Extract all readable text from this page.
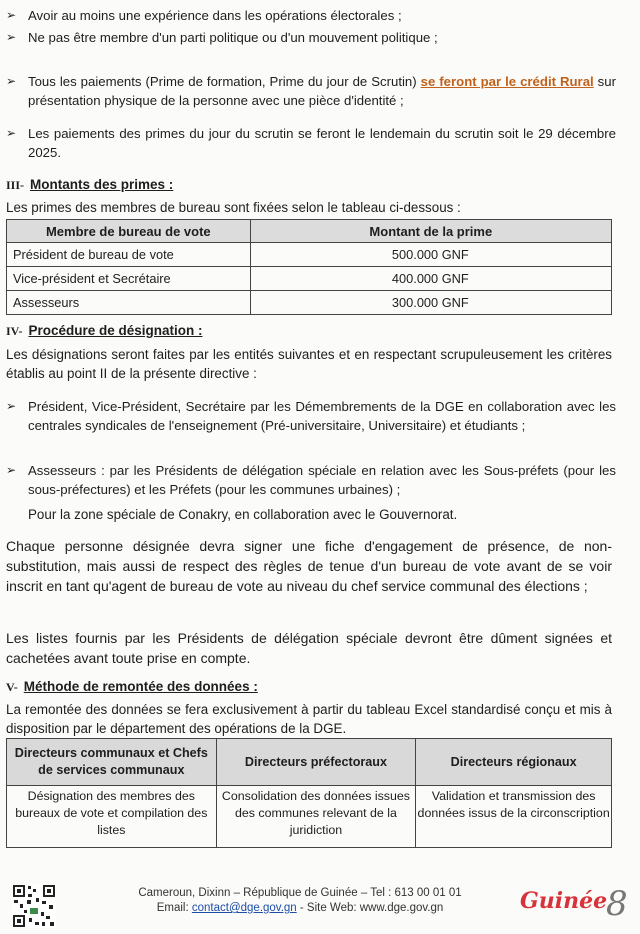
➢ Avoir au moins une expérience dans les opérations électorales ;
➢ Ne pas être membre d'un parti politique ou d'un mouvement politique ;
➢ Tous les paiements (Prime de formation, Prime du jour de Scrutin) se feront par le crédit Rural sur présentation physique de la personne avec une pièce d'identité ;
➢ Les paiements des primes du jour du scrutin se feront le lendemain du scrutin soit le 29 décembre 2025.
III- Montants des primes :
Les primes des membres de bureau sont fixées selon le tableau ci-dessous :
Membre de bureau de vote	Montant de la prime
Président de bureau de vote	500.000 GNF
Vice-président et Secrétaire	400.000 GNF
Assesseurs	300.000 GNF
IV- Procédure de désignation :
Les désignations seront faites par les entités suivantes et en respectant scrupuleusement les critères établis au point II de la présente directive :
➢ Président, Vice-Président, Secrétaire par les Démembrements de la DGE en collaboration avec les centrales syndicales de l'enseignement (Pré-universitaire, Universitaire) et étudiants ;
➢ Assesseurs : par les Présidents de délégation spéciale en relation avec les Sous-préfets (pour les sous-préfectures) et les Préfets (pour les communes urbaines) ;
Pour la zone spéciale de Conakry, en collaboration avec le Gouvernorat.
Chaque personne désignée devra signer une fiche d'engagement de présence, de non-substitution, mais aussi de respect des règles de tenue d'un bureau de vote avant de se voir inscrit en tant qu'agent de bureau de vote au niveau du chef service communal des élections ;
Les listes fournis par les Présidents de délégation spéciale devront être dûment signées et cachetées avant toute prise en compte.
V- Méthode de remontée des données :
La remontée des données se fera exclusivement à partir du tableau Excel standardisé conçu et mis à disposition par le département des opérations de la DGE.
Directeurs communaux et Chefs de services communaux	Directeurs préfectoraux	Directeurs régionaux
Désignation des membres des bureaux de vote et compilation des listes	Consolidation des données issues des communes relevant de la juridiction	Validation et transmission des données issus de la circonscription
Cameroun, Dixinn – République de Guinée – Tel : 613 00 01 01
Email: contact@dge.gov.gn - Site Web: www.dge.gov.gn	Guinée
8
